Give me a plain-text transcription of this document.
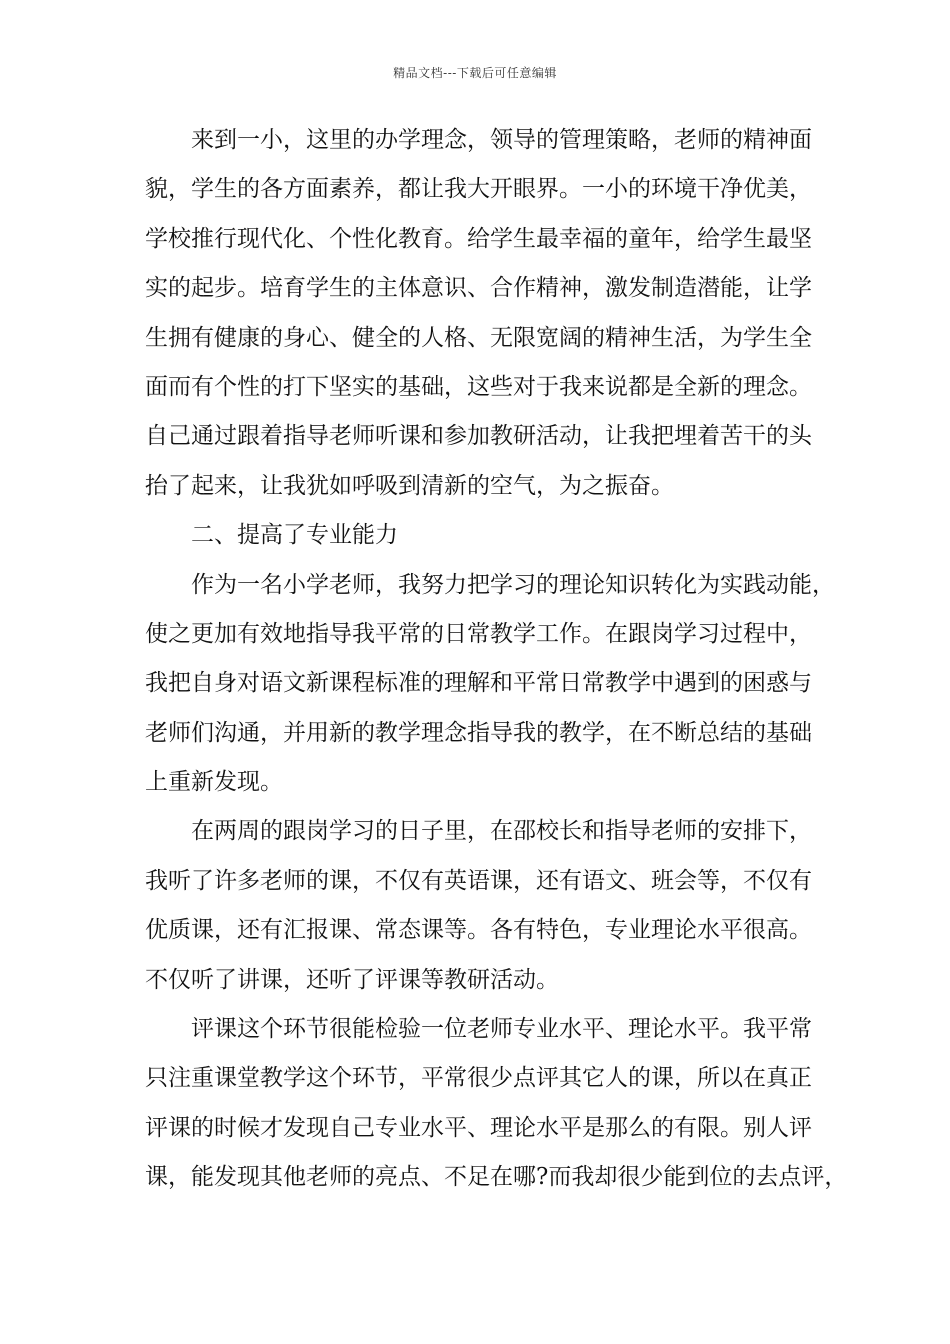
精品文档---下载后可任意编辑
来到一小，这里的办学理念，领导的管理策略，老师的精神面
貌，学生的各方面素养，都让我大开眼界。一小的环境干净优美，
学校推行现代化、个性化教育。给学生最幸福的童年，给学生最坚
实的起步。培育学生的主体意识、合作精神，激发制造潜能，让学
生拥有健康的身心、健全的人格、无限宽阔的精神生活，为学生全
面而有个性的打下坚实的基础，这些对于我来说都是全新的理念。
自己通过跟着指导老师听课和参加教研活动，让我把埋着苦干的头
抬了起来，让我犹如呼吸到清新的空气，为之振奋。
二、提高了专业能力
作为一名小学老师，我努力把学习的理论知识转化为实践动能，
使之更加有效地指导我平常的日常教学工作。在跟岗学习过程中，
我把自身对语文新课程标准的理解和平常日常教学中遇到的困惑与
老师们沟通，并用新的教学理念指导我的教学，在不断总结的基础
上重新发现。
在两周的跟岗学习的日子里，在邵校长和指导老师的安排下，
我听了许多老师的课，不仅有英语课，还有语文、班会等，不仅有
优质课，还有汇报课、常态课等。各有特色，专业理论水平很高。
不仅听了讲课，还听了评课等教研活动。
评课这个环节很能检验一位老师专业水平、理论水平。我平常
只注重课堂教学这个环节，平常很少点评其它人的课，所以在真正
评课的时候才发现自己专业水平、理论水平是那么的有限。别人评
课，能发现其他老师的亮点、不足在哪?而我却很少能到位的去点评，
